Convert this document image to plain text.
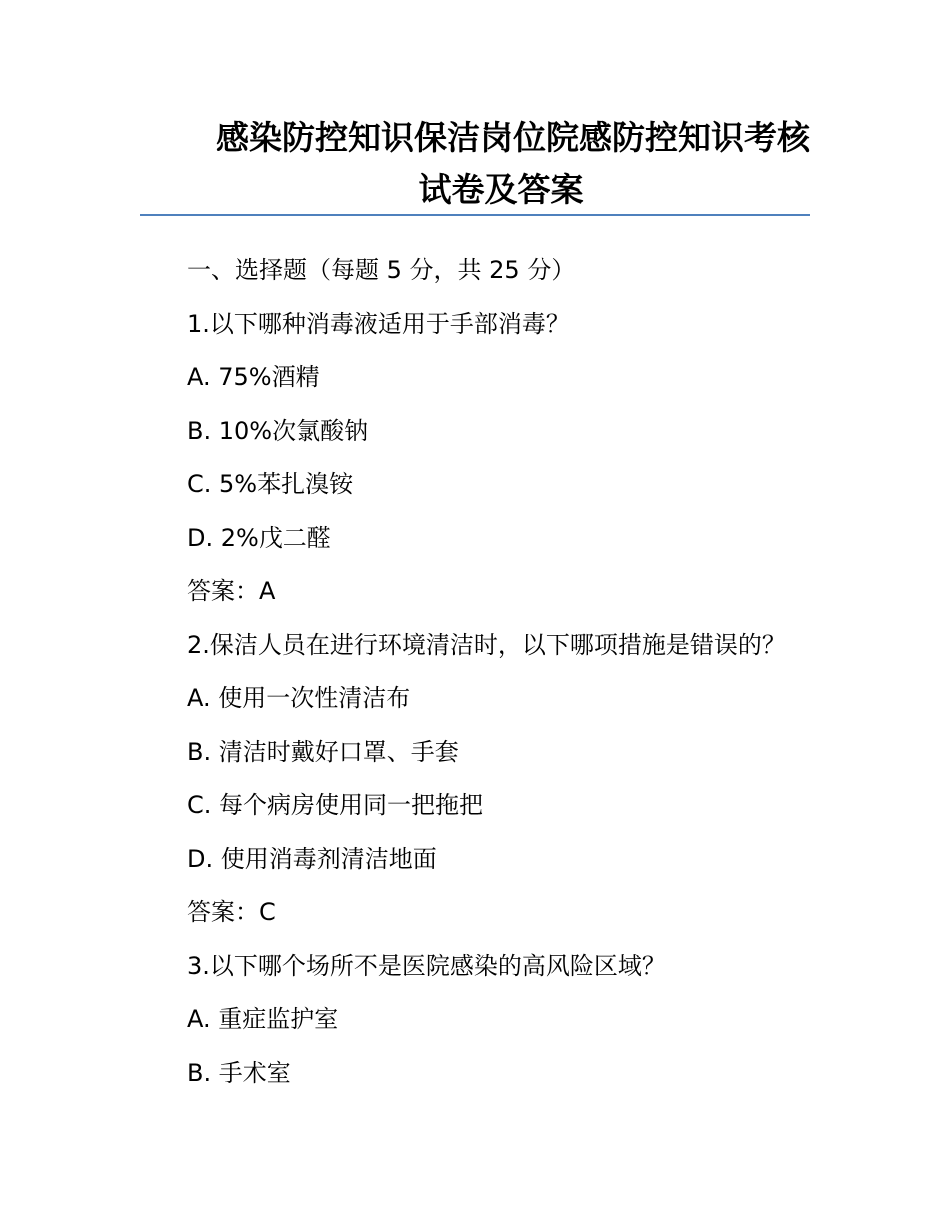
感染防控知识保洁岗位院感防控知识考核
试卷及答案

一、选择题（每题 5 分，共 25 分）

1.以下哪种消毒液适用于手部消毒？

A. 75%酒精

B. 10%次氯酸钠

C. 5%苯扎溴铵

D. 2%戊二醛

答案：A

2.保洁人员在进行环境清洁时，以下哪项措施是错误的？

A. 使用一次性清洁布

B. 清洁时戴好口罩、手套

C. 每个病房使用同一把拖把

D. 使用消毒剂清洁地面

答案：C

3.以下哪个场所不是医院感染的高风险区域？

A. 重症监护室

B. 手术室
